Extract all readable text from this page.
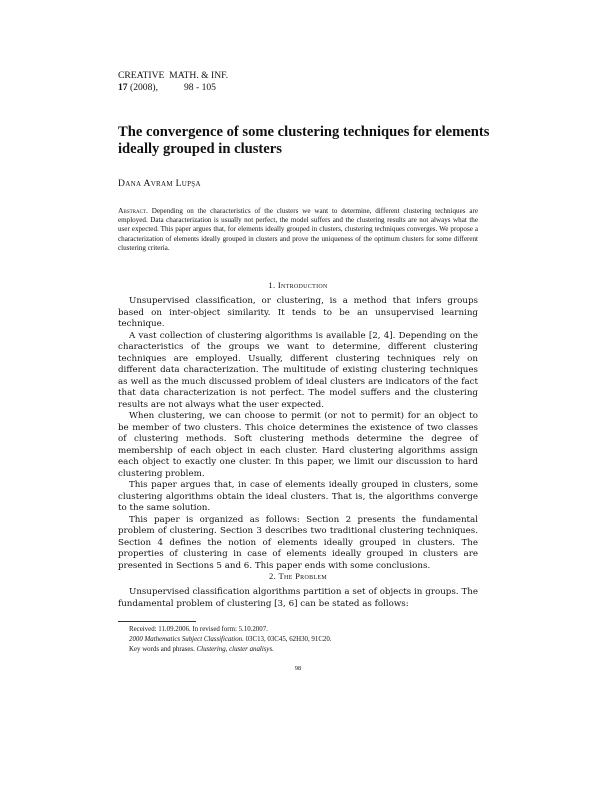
CREATIVE  MATH. & INF.
17 (2008),	98 - 105
The convergence of some clustering techniques for elements ideally grouped in clusters
Dana Avram Lupşa
Abstract. Depending on the characteristics of the clusters we want to determine, different clustering techniques are employed. Data characterization is usually not perfect, the model suffers and the clustering results are not always what the user expected. This paper argues that, for elements ideally grouped in clusters, clustering techniques converges. We propose a characterization of elements ideally grouped in clusters and prove the uniqueness of the optimum clusters for some different clustering criteria.
1. Introduction

Unsupervised classification, or clustering, is a method that infers groups based on inter-object similarity. It tends to be an unsupervised learning technique.

A vast collection of clustering algorithms is available [2, 4]. Depending on the characteristics of the groups we want to determine, different clustering techniques are employed. Usually, different clustering techniques rely on different data characterization. The multitude of existing clustering techniques as well as the much discussed problem of ideal clusters are indicators of the fact that data characterization is not perfect. The model suffers and the clustering results are not always what the user expected.

When clustering, we can choose to permit (or not to permit) for an object to be member of two clusters. This choice determines the existence of two classes of clustering methods. Soft clustering methods determine the degree of membership of each object in each cluster. Hard clustering algorithms assign each object to exactly one cluster. In this paper, we limit our discussion to hard clustering problem.

This paper argues that, in case of elements ideally grouped in clusters, some clustering algorithms obtain the ideal clusters. That is, the algorithms converge to the same solution.

This paper is organized as follows: Section 2 presents the fundamental problem of clustering. Section 3 describes two traditional clustering techniques. Section 4 defines the notion of elements ideally grouped in clusters. The properties of clustering in case of elements ideally grouped in clusters are presented in Sections 5 and 6. This paper ends with some conclusions.

2. The Problem

Unsupervised classification algorithms partition a set of objects in groups. The fundamental problem of clustering [3, 6] can be stated as follows:

Received: 11.09.2006. In revised form: 5.10.2007.
2000 Mathematics Subject Classification. 03C13, 03C45, 62H30, 91C20.
Key words and phrases. Clustering, cluster analisys.
98
